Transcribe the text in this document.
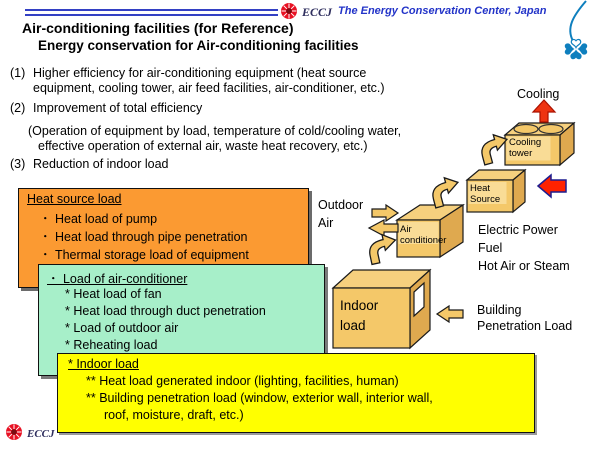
ECCJ The Energy Conservation Center, Japan
Air-conditioning facilities (for Reference)
Energy conservation for Air-conditioning facilities
(1) Higher efficiency for air-conditioning equipment (heat source
equipment, cooling tower, air feed facilities, air-conditioner, etc.)
(2) Improvement of total efficiency
(Operation of equipment by load, temperature of cold/cooling water,
effective operation of external air, waste heat recovery, etc.)
(3) Reduction of indoor load
Heat source load
・ Heat load of pump
・ Heat load through pipe penetration
・ Thermal storage load of equipment
・ Load of air-conditioner
* Heat load of fan
* Heat load through duct penetration
* Load of outdoor air
* Reheating load
* Indoor load
** Heat load generated indoor (lighting, facilities, human)
** Building penetration load (window, exterior wall, interior wall,
roof, moisture, draft, etc.)
Cooling
Cooling
tower
Heat
Source
Air
conditioner
Indoor
load
Outdoor
Air	Electric Power
Fuel
Hot Air or Steam
Building
Penetration Load
ECCJ
